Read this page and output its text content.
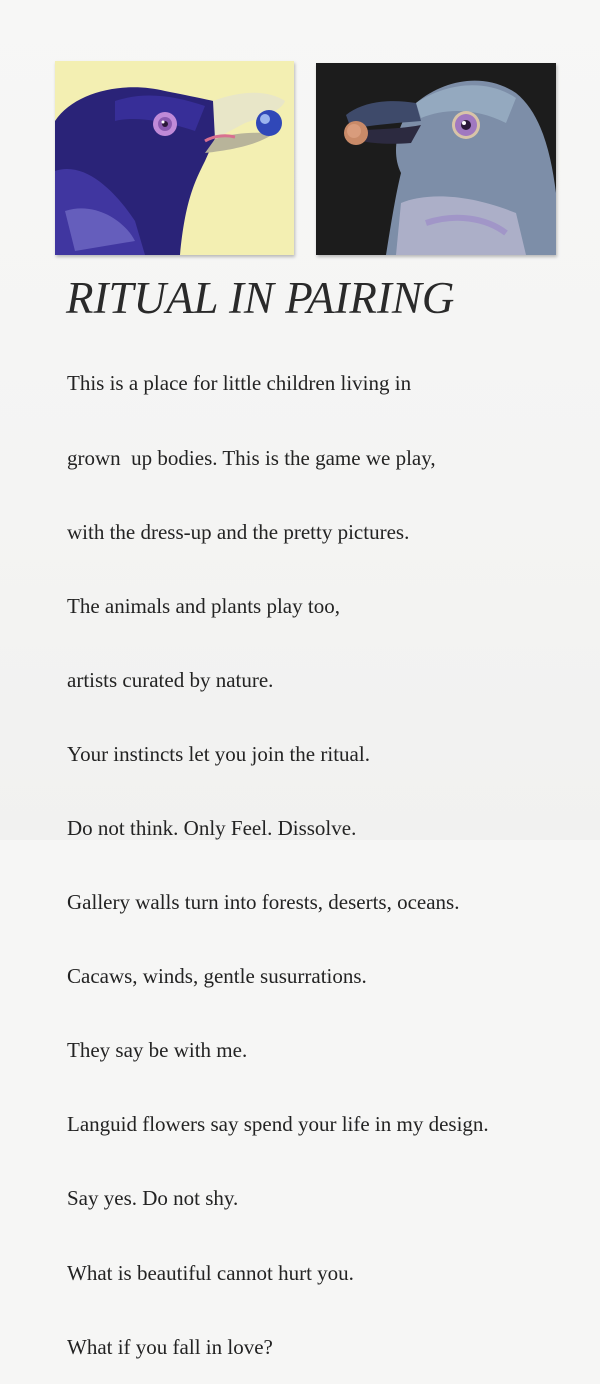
RITUAL IN PAIRING

This is a place for little children living in

grown  up bodies. This is the game we play,

with the dress-up and the pretty pictures.

The animals and plants play too,

artists curated by nature.

Your instincts let you join the ritual.

Do not think. Only Feel. Dissolve.

Gallery walls turn into forests, deserts, oceans.

Cacaws, winds, gentle susurrations.

They say be with me.

Languid flowers say spend your life in my design.

Say yes. Do not shy.

What is beautiful cannot hurt you.

What if you fall in love?
